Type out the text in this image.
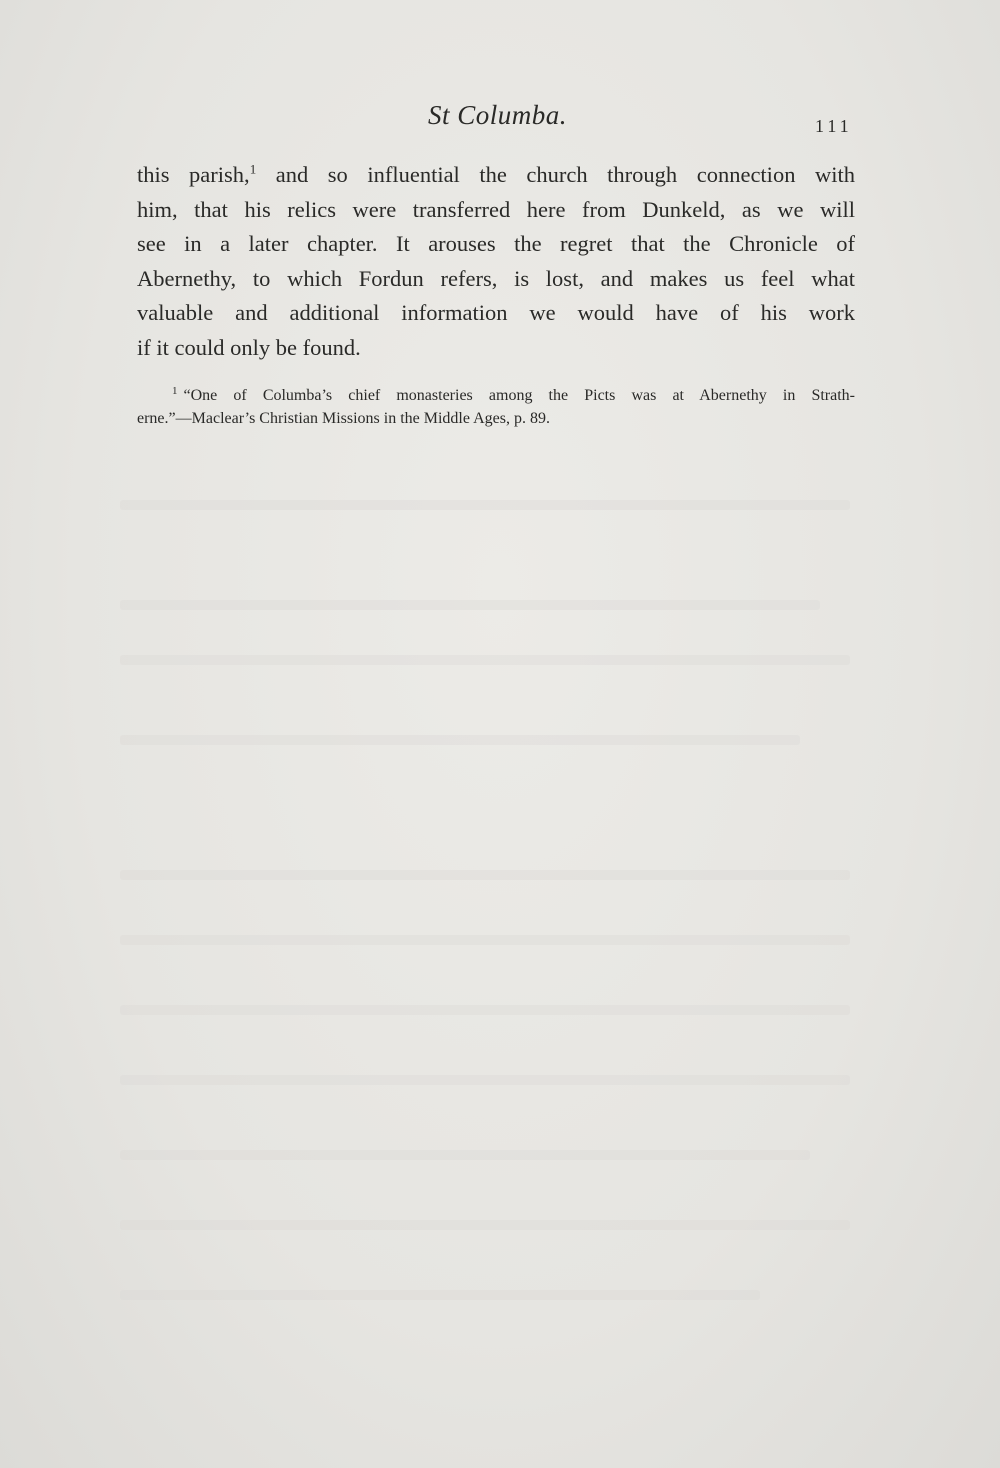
St Columba.	111
this parish,$^1$ and so influential the church through connection with
him, that his relics were transferred here from Dunkeld, as we will
see in a later chapter. It arouses the regret that the Chronicle of
Abernethy, to which Fordun refers, is lost, and makes us feel what
valuable and additional information we would have of his work
if it could only be found.
$^1$ “One of Columba’s chief monasteries among the Picts was at Abernethy in Strath-
erne.”—Maclear’s Christian Missions in the Middle Ages, p. 89.
